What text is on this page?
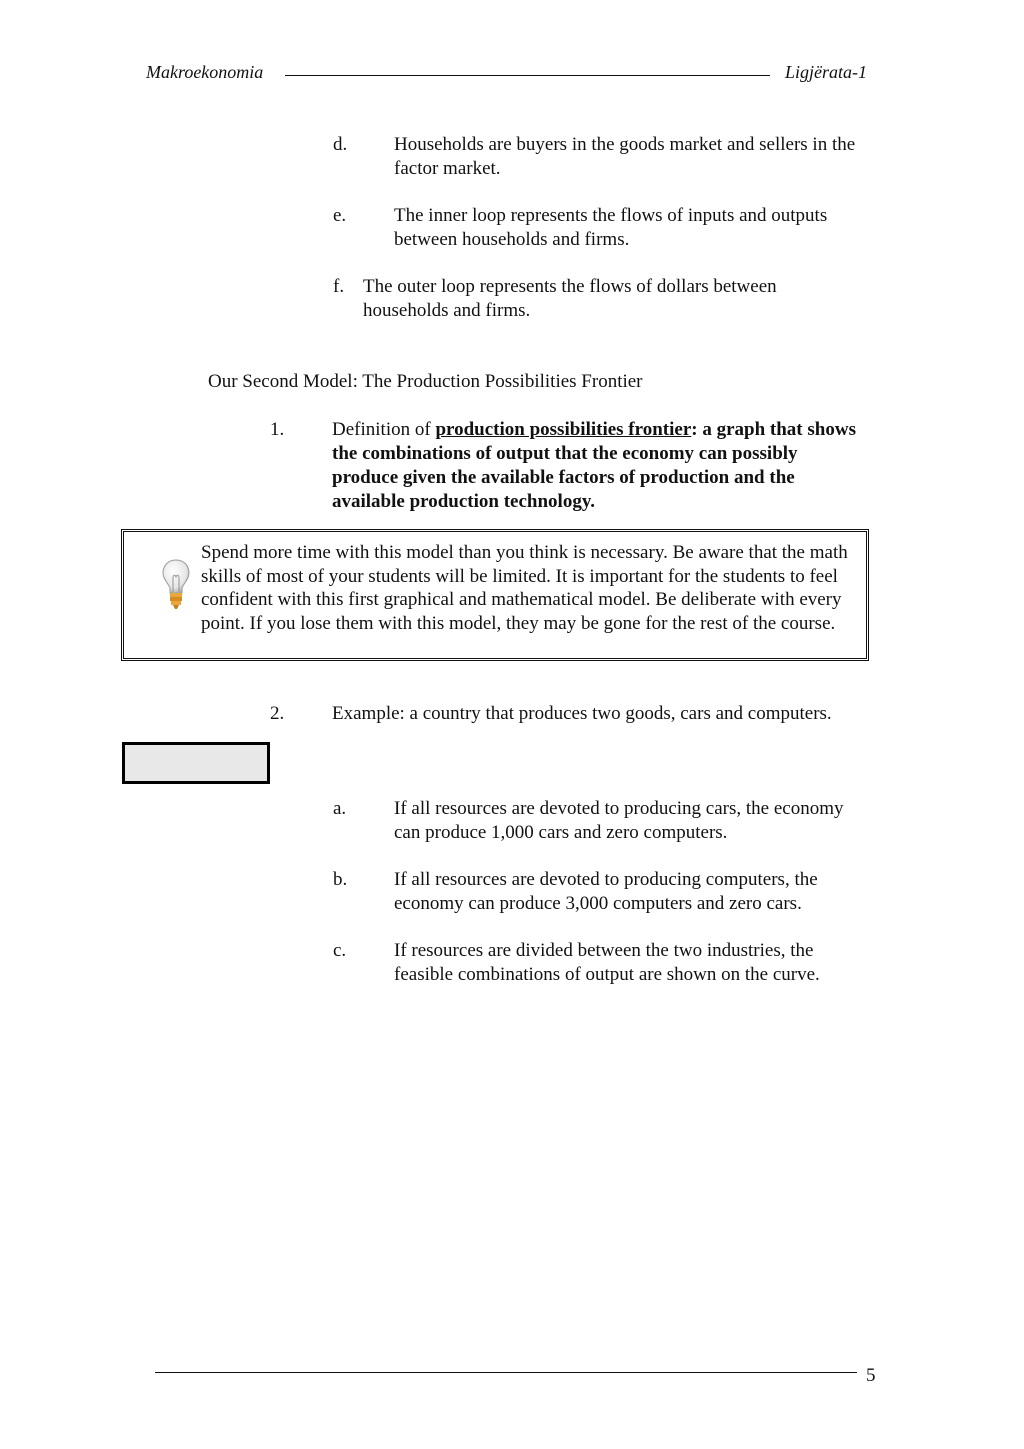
Makroekonomia	Ligjërata-1
d.	Households are buyers in the goods market and sellers in the factor market.
e.	The inner loop represents the flows of inputs and outputs between households and firms.
f. The outer loop represents the flows of dollars between households and firms.
Our Second Model: The Production Possibilities Frontier
1.	Definition of production possibilities frontier: a graph that shows the combinations of output that the economy can possibly produce given the available factors of production and the available production technology.
Spend more time with this model than you think is necessary. Be aware that the math skills of most of your students will be limited. It is important for the students to feel confident with this first graphical and mathematical model. Be deliberate with every point. If you lose them with this model, they may be gone for the rest of the course.
2.	Example: a country that produces two goods, cars and computers.
a.	If all resources are devoted to producing cars, the economy can produce 1,000 cars and zero computers.
b.	If all resources are devoted to producing computers, the economy can produce 3,000 computers and zero cars.
c.	If resources are divided between the two industries, the feasible combinations of output are shown on the curve.
5
